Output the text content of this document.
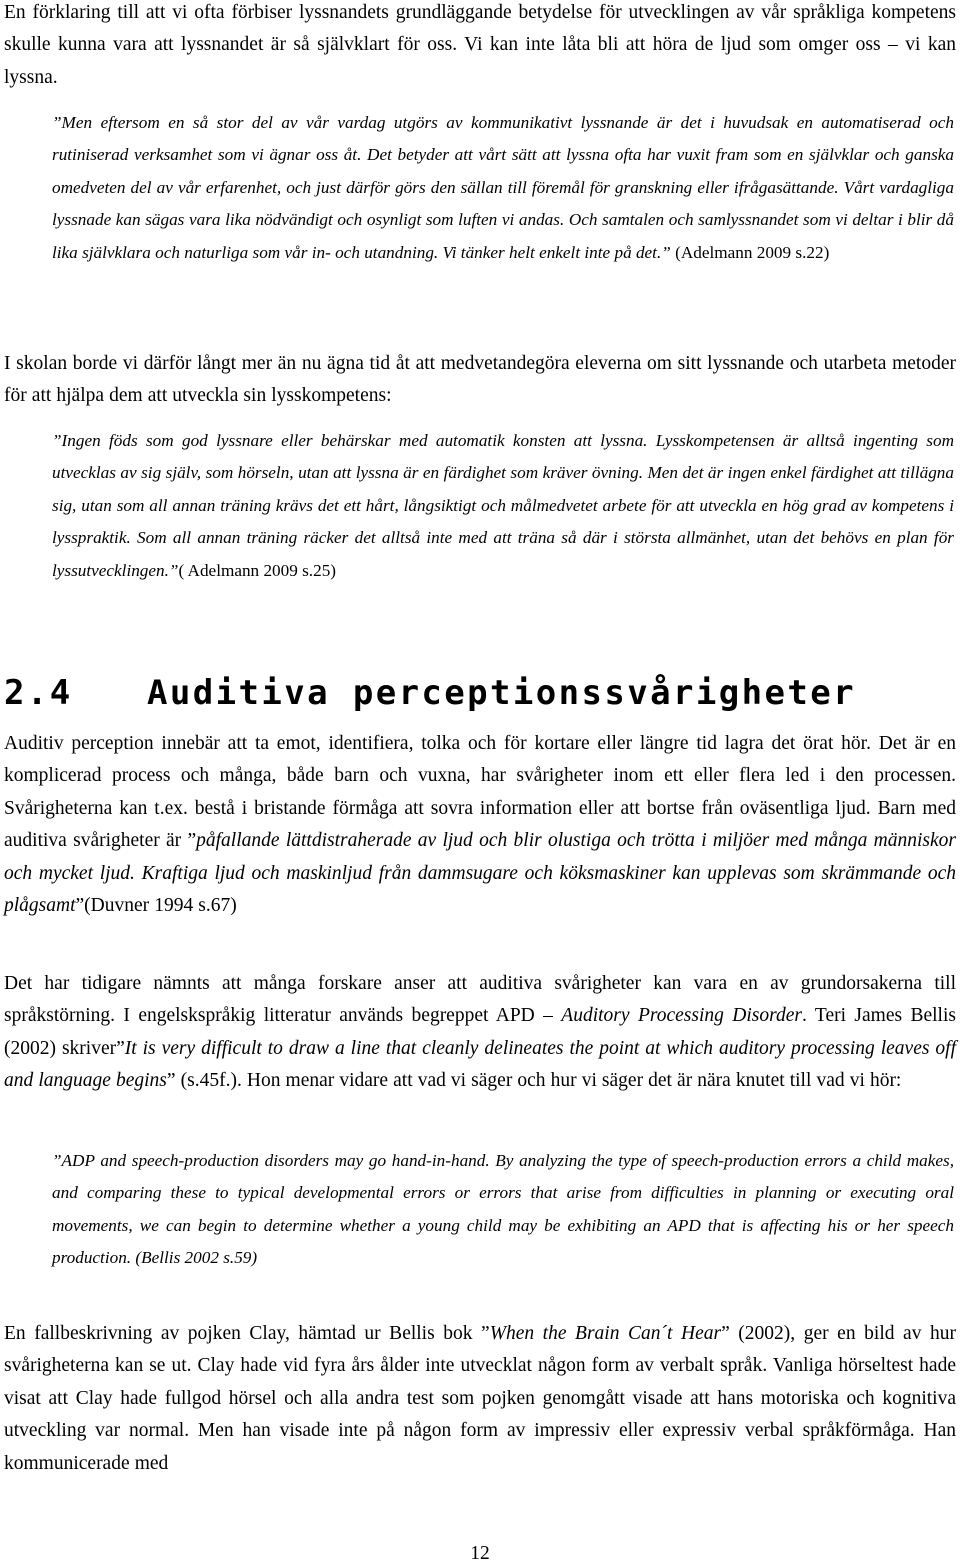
En förklaring till att vi ofta förbiser lyssnandets grundläggande betydelse för utvecklingen av vår språkliga kompetens skulle kunna vara att lyssnandet är så självklart för oss. Vi kan inte låta bli att höra de ljud som omger oss – vi kan lyssna.

”Men eftersom en så stor del av vår vardag utgörs av kommunikativt lyssnande är det i huvudsak en automatiserad och rutiniserad verksamhet som vi ägnar oss åt. Det betyder att vårt sätt att lyssna ofta har vuxit fram som en självklar och ganska omedveten del av vår erfarenhet, och just därför görs den sällan till föremål för granskning eller ifrågasättande. Vårt vardagliga lyssnade kan sägas vara lika nödvändigt och osynligt som luften vi andas. Och samtalen och samlyssnandet som vi deltar i blir då lika självklara och naturliga som vår in- och utandning. Vi tänker helt enkelt inte på det.” (Adelmann 2009 s.22)

I skolan borde vi därför långt mer än nu ägna tid åt att medvetandegöra eleverna om sitt lyssnande och utarbeta metoder för att hjälpa dem att utveckla sin lysskompetens:

”Ingen föds som god lyssnare eller behärskar med automatik konsten att lyssna. Lysskompetensen är alltså ingenting som utvecklas av sig själv, som hörseln, utan att lyssna är en färdighet som kräver övning. Men det är ingen enkel färdighet att tillägna sig, utan som all annan träning krävs det ett hårt, långsiktigt och målmedvetet arbete för att utveckla en hög grad av kompetens i lysspraktik. Som all annan träning räcker det alltså inte med att träna så där i största allmänhet, utan det behövs en plan för lyssutvecklingen.”( Adelmann 2009 s.25)

2.4 Auditiva perceptionssvårigheter

Auditiv perception innebär att ta emot, identifiera, tolka och för kortare eller längre tid lagra det örat hör. Det är en komplicerad process och många, både barn och vuxna, har svårigheter inom ett eller flera led i den processen. Svårigheterna kan t.ex. bestå i bristande förmåga att sovra information eller att bortse från oväsentliga ljud. Barn med auditiva svårigheter är ”påfallande lättdistraherade av ljud och blir olustiga och trötta i miljöer med många människor och mycket ljud. Kraftiga ljud och maskinljud från dammsugare och köksmaskiner kan upplevas som skrämmande och plågsamt”(Duvner 1994 s.67)

Det har tidigare nämnts att många forskare anser att auditiva svårigheter kan vara en av grundorsakerna till språkstörning. I engelskspråkig litteratur används begreppet APD – Auditory Processing Disorder. Teri James Bellis (2002) skriver”It is very difficult to draw a line that cleanly delineates the point at which auditory processing leaves off and language begins” (s.45f.). Hon menar vidare att vad vi säger och hur vi säger det är nära knutet till vad vi hör:

”ADP and speech-production disorders may go hand-in-hand. By analyzing the type of speech-production errors a child makes, and comparing these to typical developmental errors or errors that arise from difficulties in planning or executing oral movements, we can begin to determine whether a young child may be exhibiting an APD that is affecting his or her speech production. (Bellis 2002 s.59)

En fallbeskrivning av pojken Clay, hämtad ur Bellis bok ”When the Brain Can´t Hear” (2002), ger en bild av hur svårigheterna kan se ut. Clay hade vid fyra års ålder inte utvecklat någon form av verbalt språk. Vanliga hörseltest hade visat att Clay hade fullgod hörsel och alla andra test som pojken genomgått visade att hans motoriska och kognitiva utveckling var normal. Men han visade inte på någon form av impressiv eller expressiv verbal språkförmåga. Han kommunicerade med

12
